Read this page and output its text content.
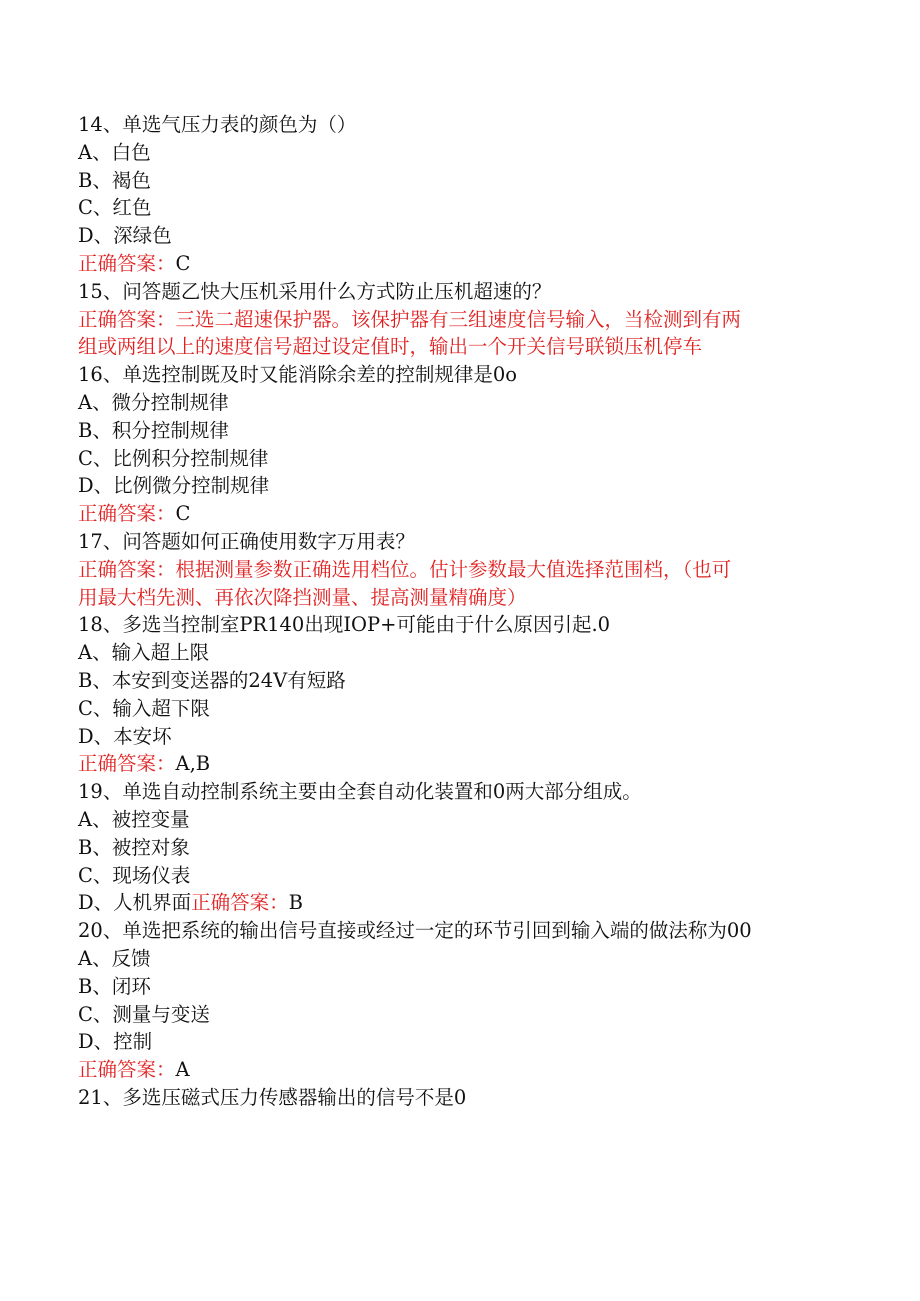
14、单选气压力表的颜色为（）
A、白色
B、褐色
C、红色
D、深绿色
正确答案：C
15、问答题乙快大压机采用什么方式防止压机超速的？
正确答案：三选二超速保护器。该保护器有三组速度信号输入，当检测到有两
组或两组以上的速度信号超过设定值时，输出一个开关信号联锁压机停车
16、单选控制既及时又能消除余差的控制规律是0o
A、微分控制规律
B、积分控制规律
C、比例积分控制规律
D、比例微分控制规律
正确答案：C
17、问答题如何正确使用数字万用表？
正确答案：根据测量参数正确选用档位。估计参数最大值选择范围档，（也可
用最大档先测、再依次降挡测量、提高测量精确度）
18、多选当控制室PR140出现IOP+可能由于什么原因引起.0
A、输入超上限
B、本安到变送器的24V有短路
C、输入超下限
D、本安坏
正确答案：A,B
19、单选自动控制系统主要由全套自动化装置和0两大部分组成。
A、被控变量
B、被控对象
C、现场仪表
D、人机界面正确答案：B
20、单选把系统的输出信号直接或经过一定的环节引回到输入端的做法称为00
A、反馈
B、闭环
C、测量与变送
D、控制
正确答案：A
21、多选压磁式压力传感器输出的信号不是0
